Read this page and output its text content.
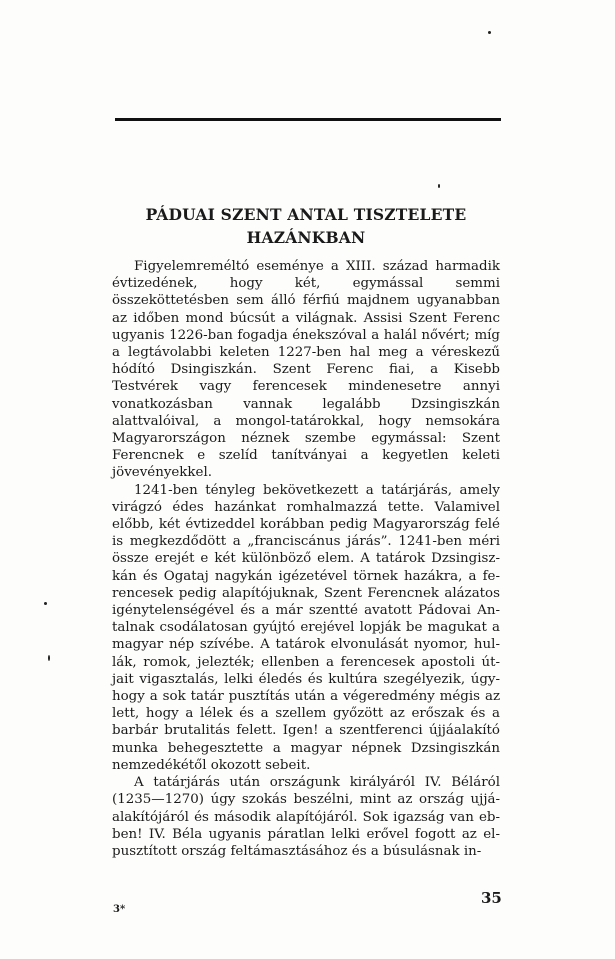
PÁDUAI SZENT ANTAL TISZTELETE HAZÁNKBAN

Figyelemreméltó eseménye a XIII. század harmadik évtizedének, hogy két, egymással semmi összeköttetésben sem álló férfiú majdnem ugyanabban az időben mond búcsút a világnak. Assisi Szent Ferenc ugyanis 1226-ban fogadja énekszóval a halál nővért; míg a legtávolabbi keleten 1227-ben hal meg a véreskezű hódító Dsingiszkán. Szent Ferenc fiai, a Kisebb Testvérek vagy ferencesek mindenesetre annyi vonatkozásban vannak legalább Dzsingiszkán alattvalóival, a mongol-tatárokkal, hogy nemsokára Magyarországon néznek szembe egymással: Szent Ferencnek e szelíd tanítványai a kegyetlen keleti jövevényekkel.

1241-ben tényleg bekövetkezett a tatárjárás, amely virágzó édes hazánkat romhalmazzá tette. Valamivel előbb, két évtizeddel korábban pedig Magyarország felé is megkezdődött a „franciscánus járás”. 1241-ben méri össze erejét e két különböző elem. A tatárok Dzsingiszkán és Ogataj nagykán igézetével törnek hazákra, a ferencesek pedig alapítójuknak, Szent Ferencnek alázatos igénytelenségével és a már szentté avatott Pádovai Antalnak csodálatosan gyújtó erejével lopják be magukat a magyar nép szívébe. A tatárok elvonulását nyomor, hullák, romok, jelezték; ellenben a ferencesek apostoli útjait vigasztalás, lelki éledés és kultúra szegélyezik, úgyhogy a sok tatár pusztítás után a végeredmény mégis az lett, hogy a lélek és a szellem győzött az erőszak és a barbár brutalitás felett. Igen! a szentferenci újjáalakító munka behegesztette a magyar népnek Dzsingiszkán nemzedékétől okozott sebeit.

A tatárjárás után országunk királyáról IV. Béláról (1235—1270) úgy szokás beszélni, mint az ország ujjáalakítójáról és második alapítójáról. Sok igazság van ebben! IV. Béla ugyanis páratlan lelki erővel fogott az elpusztított ország feltámasztásához és a búsulásnak in-

3*
35
